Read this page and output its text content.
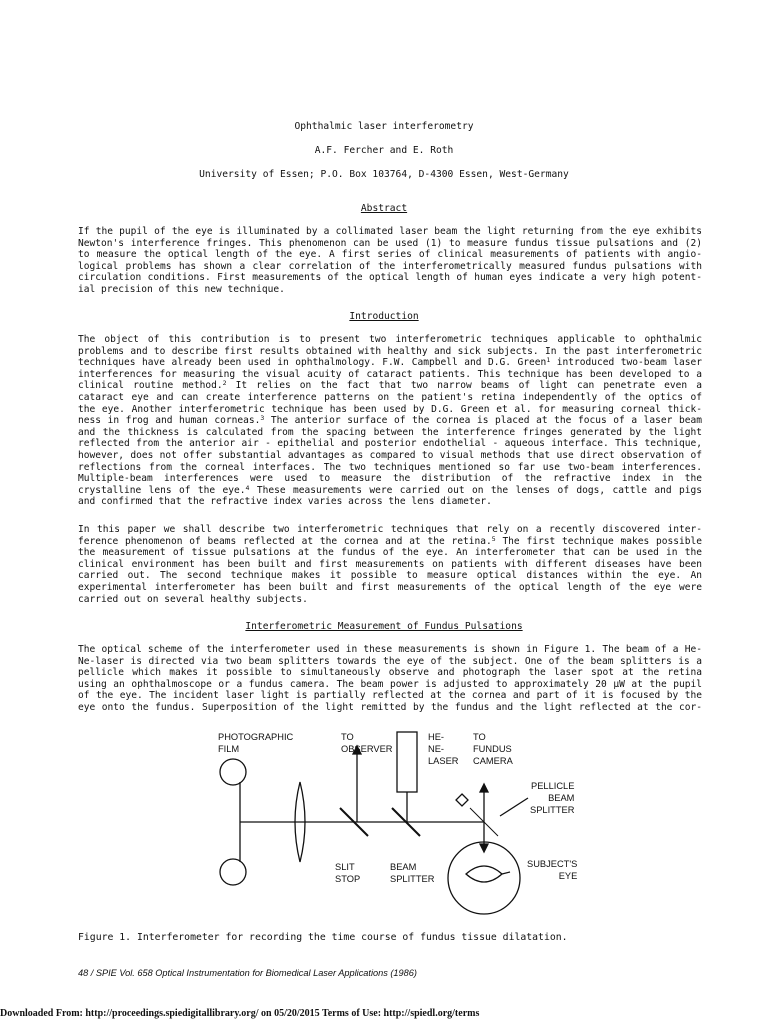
Ophthalmic laser interferometry
A.F. Fercher and E. Roth
University of Essen; P.O. Box 103764, D-4300 Essen, West-Germany
Abstract
If the pupil of the eye is illuminated by a collimated laser beam the light returning from the eye exhibits
Newton's interference fringes. This phenomenon can be used (1) to measure fundus tissue pulsations and (2)
to measure the optical length of the eye. A first series of clinical measurements of patients with angio-
logical problems has shown a clear correlation of the interferometrically measured fundus pulsations with
circulation conditions. First measurements of the optical length of human eyes indicate a very high potent-
ial precision of this new technique.
Introduction
The object of this contribution is to present two interferometric techniques applicable to ophthalmic
problems and to describe first results obtained with healthy and sick subjects. In the past interferometric
techniques have already been used in ophthalmology. F.W. Campbell and D.G. Green$^1$ introduced two-beam laser
interferences for measuring the visual acuity of cataract patients. This technique has been developed to a
clinical routine method.$^2$ It relies on the fact that two narrow beams of light can penetrate even a
cataract eye and can create interference patterns on the patient's retina independently of the optics of
the eye. Another interferometric technique has been used by D.G. Green et al. for measuring corneal thick-
ness in frog and human corneas.$^3$ The anterior surface of the cornea is placed at the focus of a laser beam
and the thickness is calculated from the spacing between the interference fringes generated by the light
reflected from the anterior air - epithelial and posterior endothelial - aqueous interface. This technique,
however, does not offer substantial advantages as compared to visual methods that use direct observation of
reflections from the corneal interfaces. The two techniques mentioned so far use two-beam interferences.
Multiple-beam interferences were used to measure the distribution of the refractive index in the
crystalline lens of the eye.$^4$ These measurements were carried out on the lenses of dogs, cattle and pigs
and confirmed that the refractive index varies across the lens diameter.
In this paper we shall describe two interferometric techniques that rely on a recently discovered inter-
ference phenomenon of beams reflected at the cornea and at the retina.$^5$ The first technique makes possible
the measurement of tissue pulsations at the fundus of the eye. An interferometer that can be used in the
clinical environment has been built and first measurements on patients with different diseases have been
carried out. The second technique makes it possible to measure optical distances within the eye. An
experimental interferometer has been built and first measurements of the optical length of the eye were
carried out on several healthy subjects.
Interferometric Measurement of Fundus Pulsations
The optical scheme of the interferometer used in these measurements is shown in Figure 1. The beam of a He-
Ne-laser is directed via two beam splitters towards the eye of the subject. One of the beam splitters is a
pellicle which makes it possible to simultaneously observe and photograph the laser spot at the retina
using an ophthalmoscope or a fundus camera. The beam power is adjusted to approximately 20 µW at the pupil
of the eye. The incident laser light is partially reflected at the cornea and part of it is focused by the
eye onto the fundus. Superposition of the light remitted by the fundus and the light reflected at the cor-
PHOTOGRAPHIC
FILM
TO
OBSERVER
HE-
NE-
LASER
TO
FUNDUS
CAMERA
PELLICLE
BEAM
SPLITTER
SLIT
STOP
BEAM
SPLITTER
SUBJECT'S
EYE
Figure 1. Interferometer for recording the time course of fundus tissue dilatation.
48 / SPIE Vol. 658 Optical Instrumentation for Biomedical Laser Applications (1986)
Downloaded From: http://proceedings.spiedigitallibrary.org/ on 05/20/2015 Terms of Use: http://spiedl.org/terms
